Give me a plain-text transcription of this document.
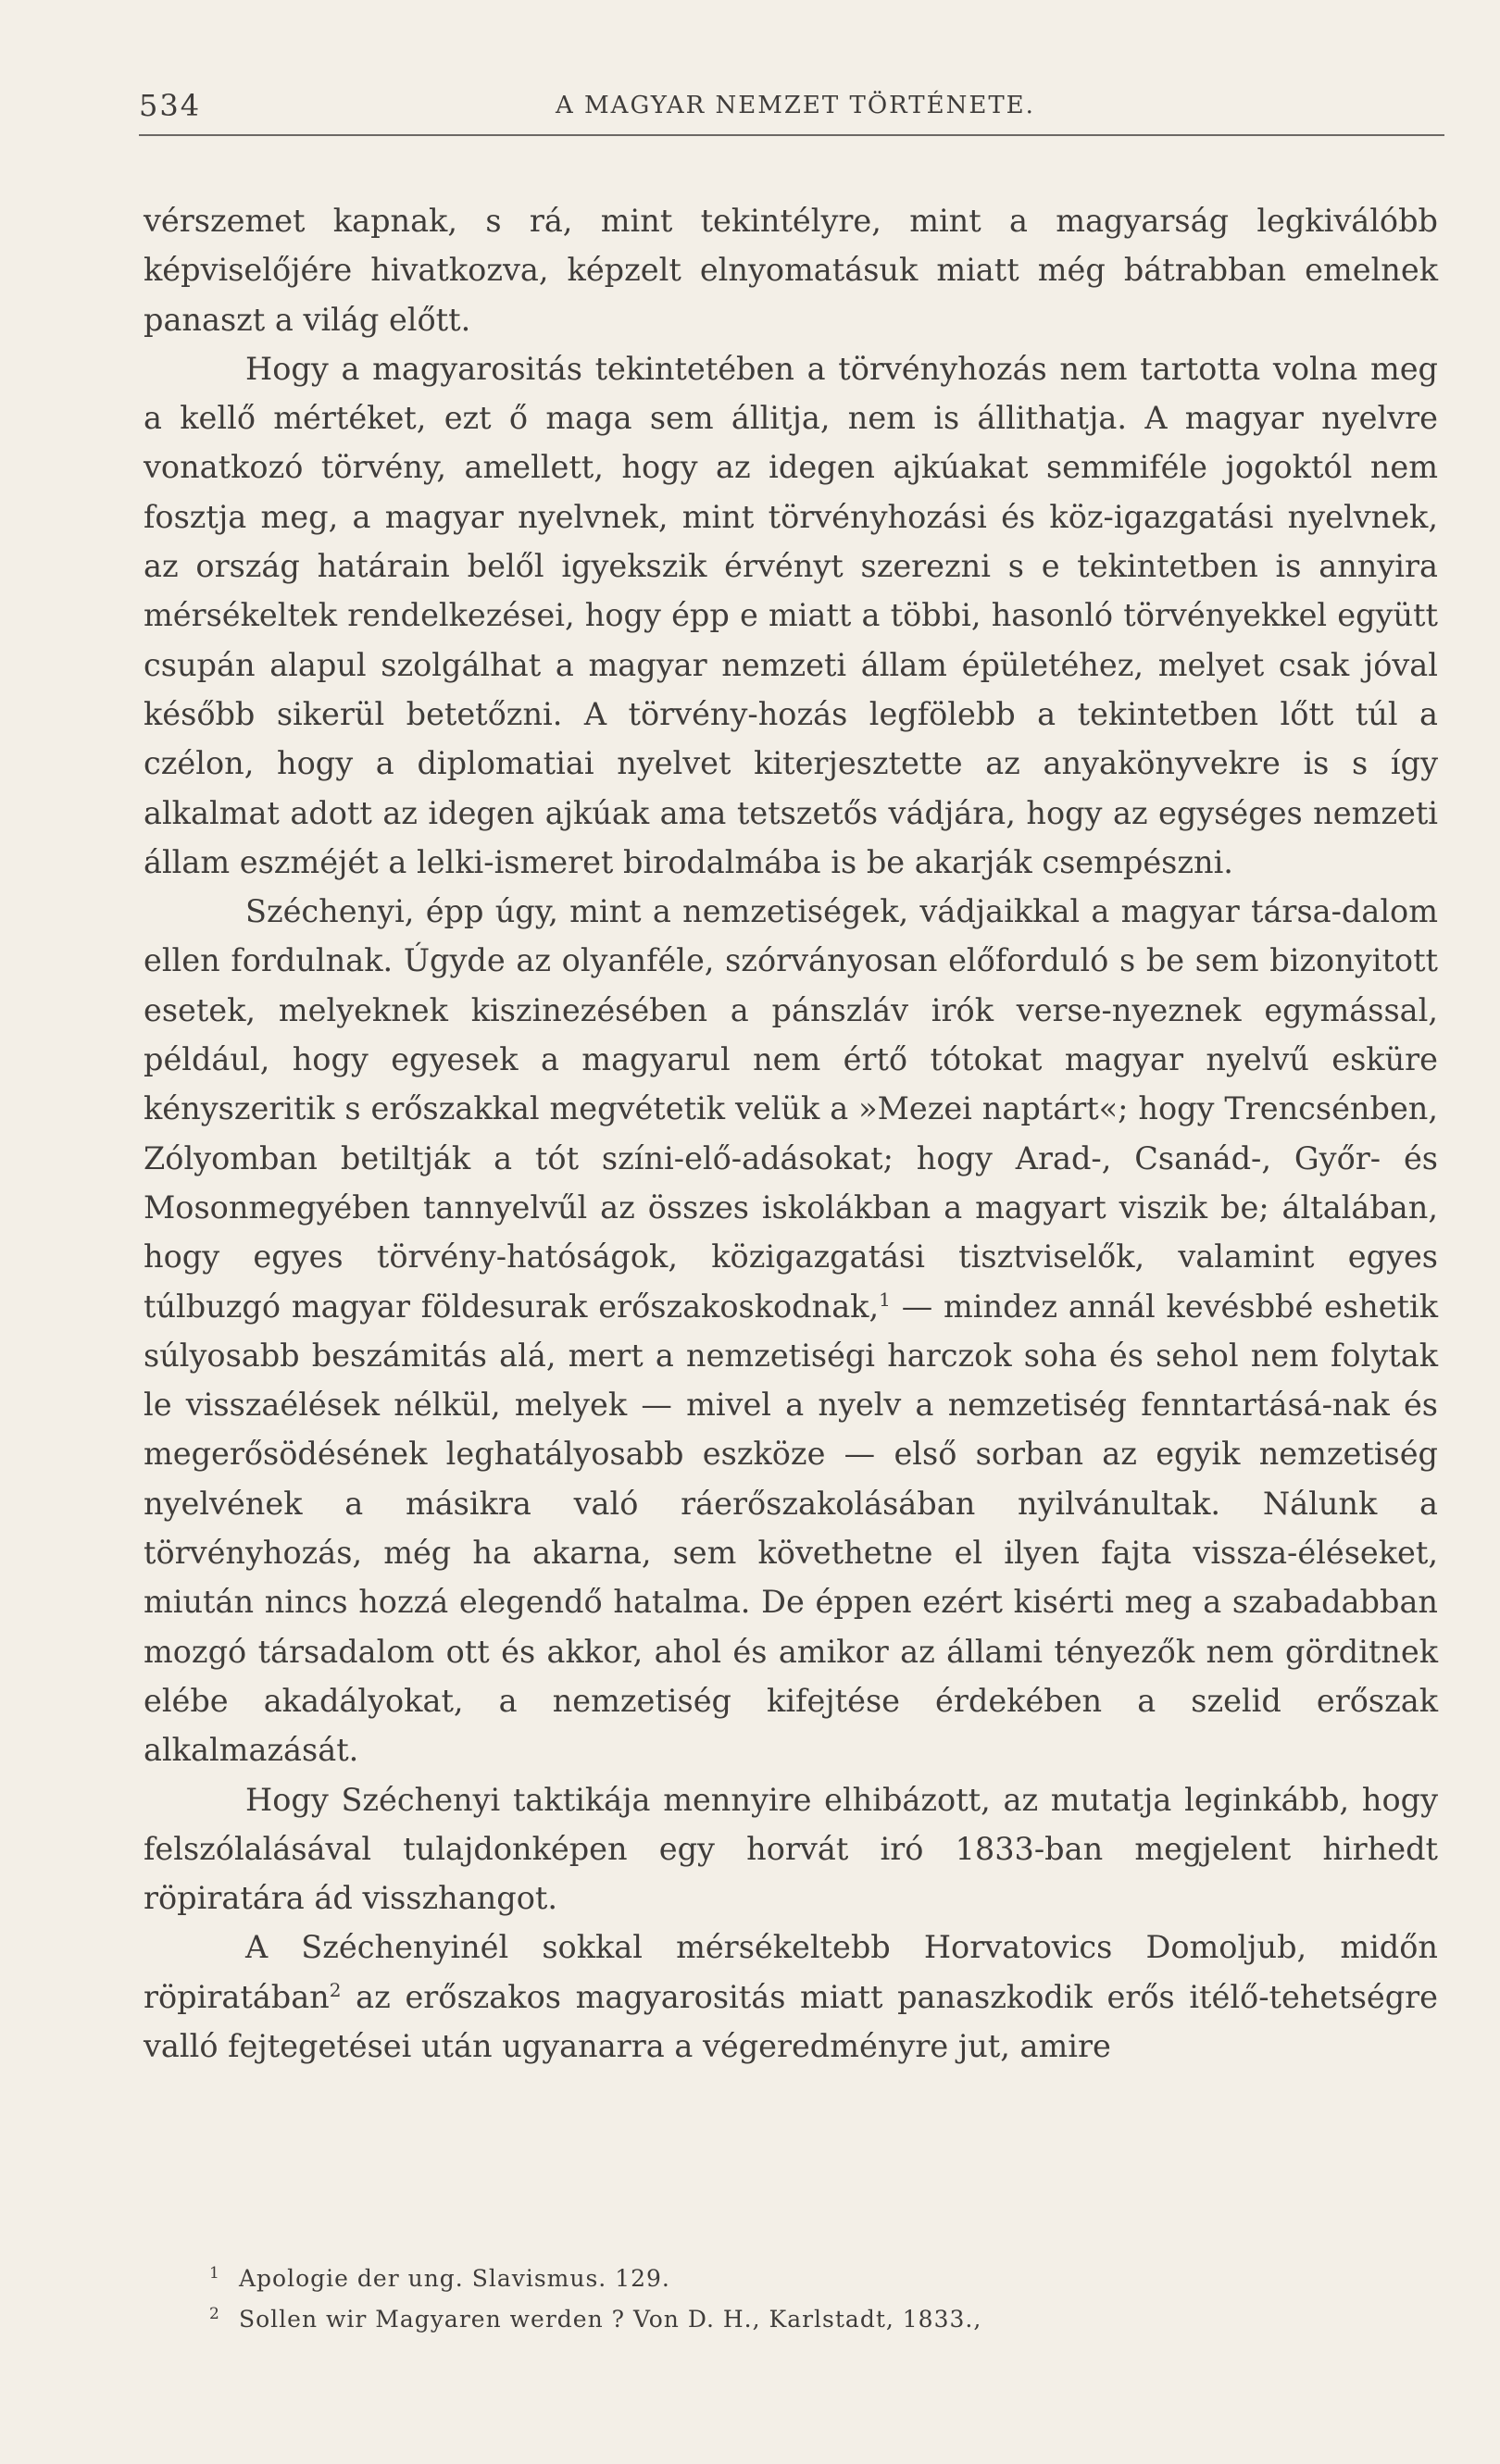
534	A MAGYAR NEMZET TÖRTÉNETE.

vérszemet kapnak, s rá, mint tekintélyre, mint a magyarság legkiválóbb képviselőjére hivatkozva, képzelt elnyomatásuk miatt még bátrabban emelnek panaszt a világ előtt.

Hogy a magyarositás tekintetében a törvényhozás nem tartotta volna meg a kellő mértéket, ezt ő maga sem állitja, nem is állithatja. A magyar nyelvre vonatkozó törvény, amellett, hogy az idegen ajkúakat semmiféle jogoktól nem fosztja meg, a magyar nyelvnek, mint törvényhozási és köz-igazgatási nyelvnek, az ország határain belől igyekszik érvényt szerezni s e tekintetben is annyira mérsékeltek rendelkezései, hogy épp e miatt a többi, hasonló törvényekkel együtt csupán alapul szolgálhat a magyar nemzeti állam épületéhez, melyet csak jóval később sikerül betetőzni. A törvény-hozás legfölebb a tekintetben lőtt túl a czélon, hogy a diplomatiai nyelvet kiterjesztette az anyakönyvekre is s így alkalmat adott az idegen ajkúak ama tetszetős vádjára, hogy az egységes nemzeti állam eszméjét a lelki-ismeret birodalmába is be akarják csempészni.

Széchenyi, épp úgy, mint a nemzetiségek, vádjaikkal a magyar társa-dalom ellen fordulnak. Úgyde az olyanféle, szórványosan előforduló s be sem bizonyitott esetek, melyeknek kiszinezésében a pánszláv irók verse-nyeznek egymással, például, hogy egyesek a magyarul nem értő tótokat magyar nyelvű esküre kényszeritik s erőszakkal megvétetik velük a »Mezei naptárt«; hogy Trencsénben, Zólyomban betiltják a tót színi-elő-adásokat; hogy Arad-, Csanád-, Győr- és Mosonmegyében tannyelvűl az összes iskolákban a magyart viszik be; általában, hogy egyes törvény-hatóságok, közigazgatási tisztviselők, valamint egyes túlbuzgó magyar földesurak erőszakoskodnak,$^1$ — mindez annál kevésbbé eshetik súlyosabb beszámitás alá, mert a nemzetiségi harczok soha és sehol nem folytak le visszaélések nélkül, melyek — mivel a nyelv a nemzetiség fenntartásá-nak és megerősödésének leghatályosabb eszköze — első sorban az egyik nemzetiség nyelvének a másikra való ráerőszakolásában nyilvánultak. Nálunk a törvényhozás, még ha akarna, sem követhetne el ilyen fajta vissza-éléseket, miután nincs hozzá elegendő hatalma. De éppen ezért kisérti meg a szabadabban mozgó társadalom ott és akkor, ahol és amikor az állami tényezők nem görditnek elébe akadályokat, a nemzetiség kifejtése érdekében a szelid erőszak alkalmazását.

Hogy Széchenyi taktikája mennyire elhibázott, az mutatja leginkább, hogy felszólalásával tulajdonképen egy horvát iró 1833-ban megjelent hirhedt röpiratára ád visszhangot.

A Széchenyinél sokkal mérsékeltebb Horvatovics Domoljub, midőn röpiratában$^2$ az erőszakos magyarositás miatt panaszkodik erős itélő-tehetségre valló fejtegetései után ugyanarra a végeredményre jut, amire

1 Apologie der ung. Slavismus. 129.
2 Sollen wir Magyaren werden ? Von D. H., Karlstadt, 1833.,
